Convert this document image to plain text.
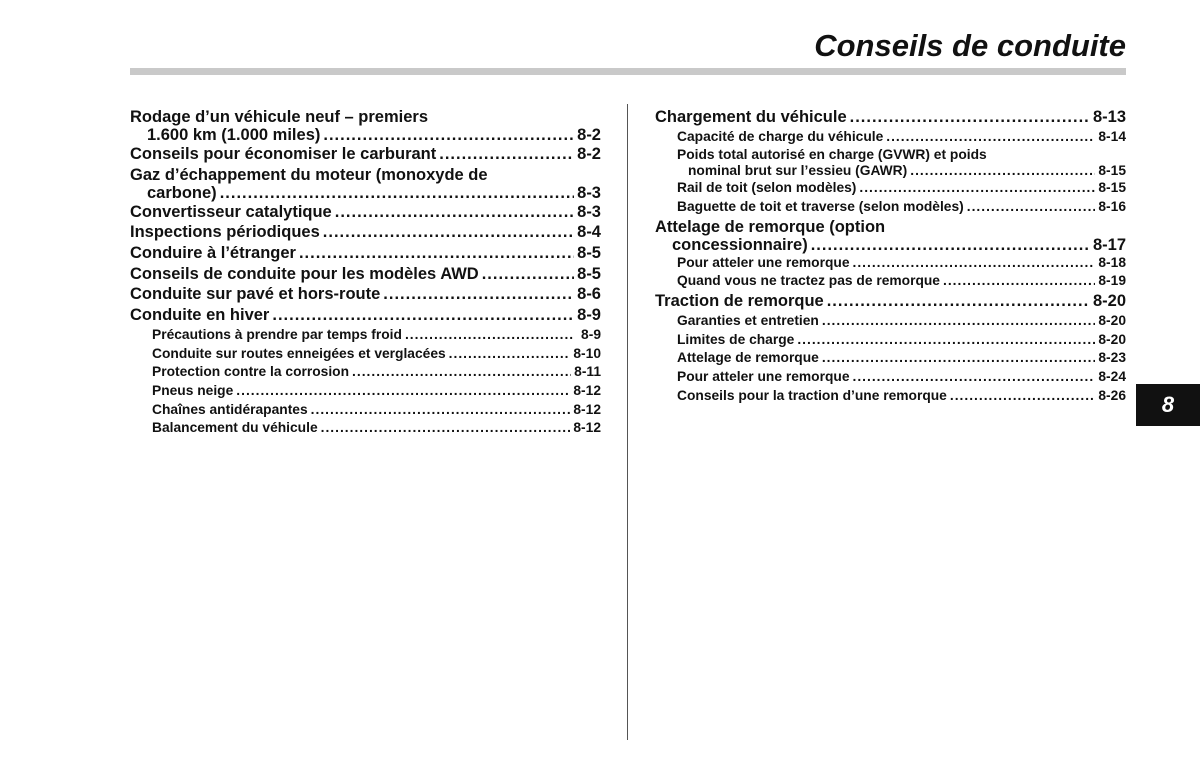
Conseils de conduite
8
Rodage d’un véhicule neuf – premiers
1.600 km (1.000 miles) .....	8-2
Conseils pour économiser le carburant .....	8-2
Gaz d’échappement du moteur (monoxyde de
carbone) .....	8-3
Convertisseur catalytique .....	8-3
Inspections périodiques .....	8-4
Conduire à l’étranger .....	8-5
Conseils de conduite pour les modèles AWD .....	8-5
Conduite sur pavé et hors-route .....	8-6
Conduite en hiver .....	8-9
Précautions à prendre par temps froid .....	8-9
Conduite sur routes enneigées et verglacées .....	8-10
Protection contre la corrosion .....	8-11
Pneus neige .....	8-12
Chaînes antidérapantes .....	8-12
Balancement du véhicule .....	8-12
Chargement du véhicule .....	8-13
Capacité de charge du véhicule .....	8-14
Poids total autorisé en charge (GVWR) et poids
nominal brut sur l’essieu (GAWR) .....	8-15
Rail de toit (selon modèles) .....	8-15
Baguette de toit et traverse (selon modèles) .....	8-16
Attelage de remorque (option
concessionnaire) .....	8-17
Pour atteler une remorque .....	8-18
Quand vous ne tractez pas de remorque .....	8-19
Traction de remorque .....	8-20
Garanties et entretien .....	8-20
Limites de charge .....	8-20
Attelage de remorque .....	8-23
Pour atteler une remorque .....	8-24
Conseils pour la traction d’une remorque .....	8-26
